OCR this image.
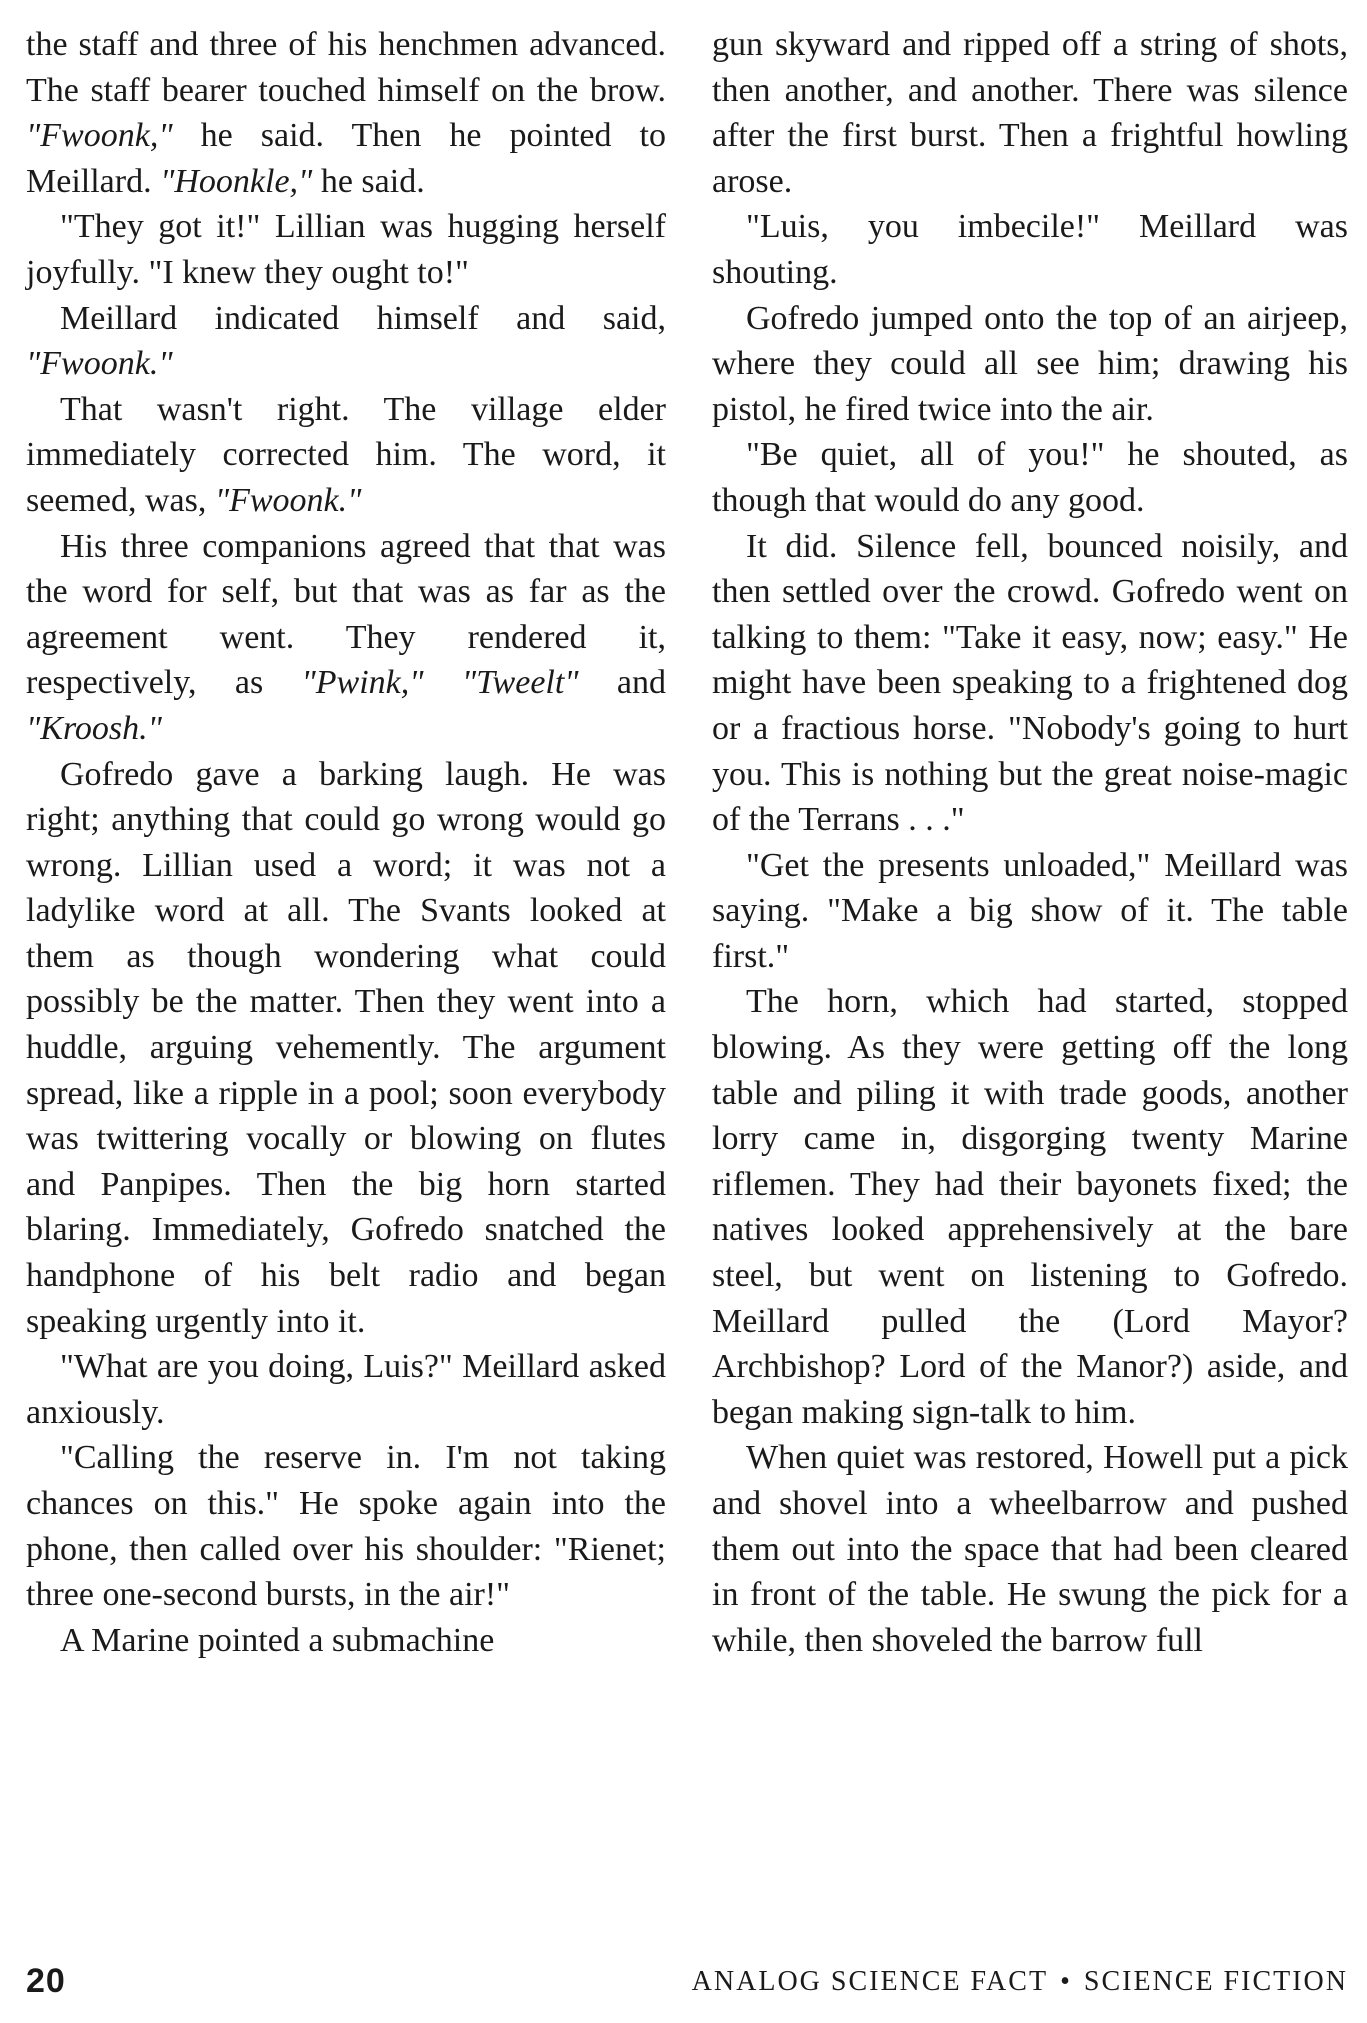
the staff and three of his henchmen advanced. The staff bearer touched himself on the brow. "Fwoonk," he said. Then he pointed to Meillard. "Hoonkle," he said.

"They got it!" Lillian was hugging herself joyfully. "I knew they ought to!"

Meillard indicated himself and said, "Fwoonk."

That wasn't right. The village elder immediately corrected him. The word, it seemed, was, "Fwoonk."

His three companions agreed that that was the word for self, but that was as far as the agreement went. They rendered it, respectively, as "Pwink," "Tweelt" and "Kroosh."

Gofredo gave a barking laugh. He was right; anything that could go wrong would go wrong. Lillian used a word; it was not a ladylike word at all. The Svants looked at them as though wondering what could possibly be the matter. Then they went into a huddle, arguing vehemently. The argument spread, like a ripple in a pool; soon everybody was twittering vocally or blowing on flutes and Panpipes. Then the big horn started blaring. Immediately, Gofredo snatched the handphone of his belt radio and began speaking urgently into it.

"What are you doing, Luis?" Meillard asked anxiously.

"Calling the reserve in. I'm not taking chances on this." He spoke again into the phone, then called over his shoulder: "Rienet; three one-second bursts, in the air!"

A Marine pointed a submachine

gun skyward and ripped off a string of shots, then another, and another. There was silence after the first burst. Then a frightful howling arose.

"Luis, you imbecile!" Meillard was shouting.

Gofredo jumped onto the top of an airjeep, where they could all see him; drawing his pistol, he fired twice into the air.

"Be quiet, all of you!" he shouted, as though that would do any good.

It did. Silence fell, bounced noisily, and then settled over the crowd. Gofredo went on talking to them: "Take it easy, now; easy." He might have been speaking to a frightened dog or a fractious horse. "Nobody's going to hurt you. This is nothing but the great noise-magic of the Terrans . . ."

"Get the presents unloaded," Meillard was saying. "Make a big show of it. The table first."

The horn, which had started, stopped blowing. As they were getting off the long table and piling it with trade goods, another lorry came in, disgorging twenty Marine riflemen. They had their bayonets fixed; the natives looked apprehensively at the bare steel, but went on listening to Gofredo. Meillard pulled the (Lord Mayor? Archbishop? Lord of the Manor?) aside, and began making sign-talk to him.

When quiet was restored, Howell put a pick and shovel into a wheelbarrow and pushed them out into the space that had been cleared in front of the table. He swung the pick for a while, then shoveled the barrow full

20	ANALOG SCIENCE FACT • SCIENCE FICTION
